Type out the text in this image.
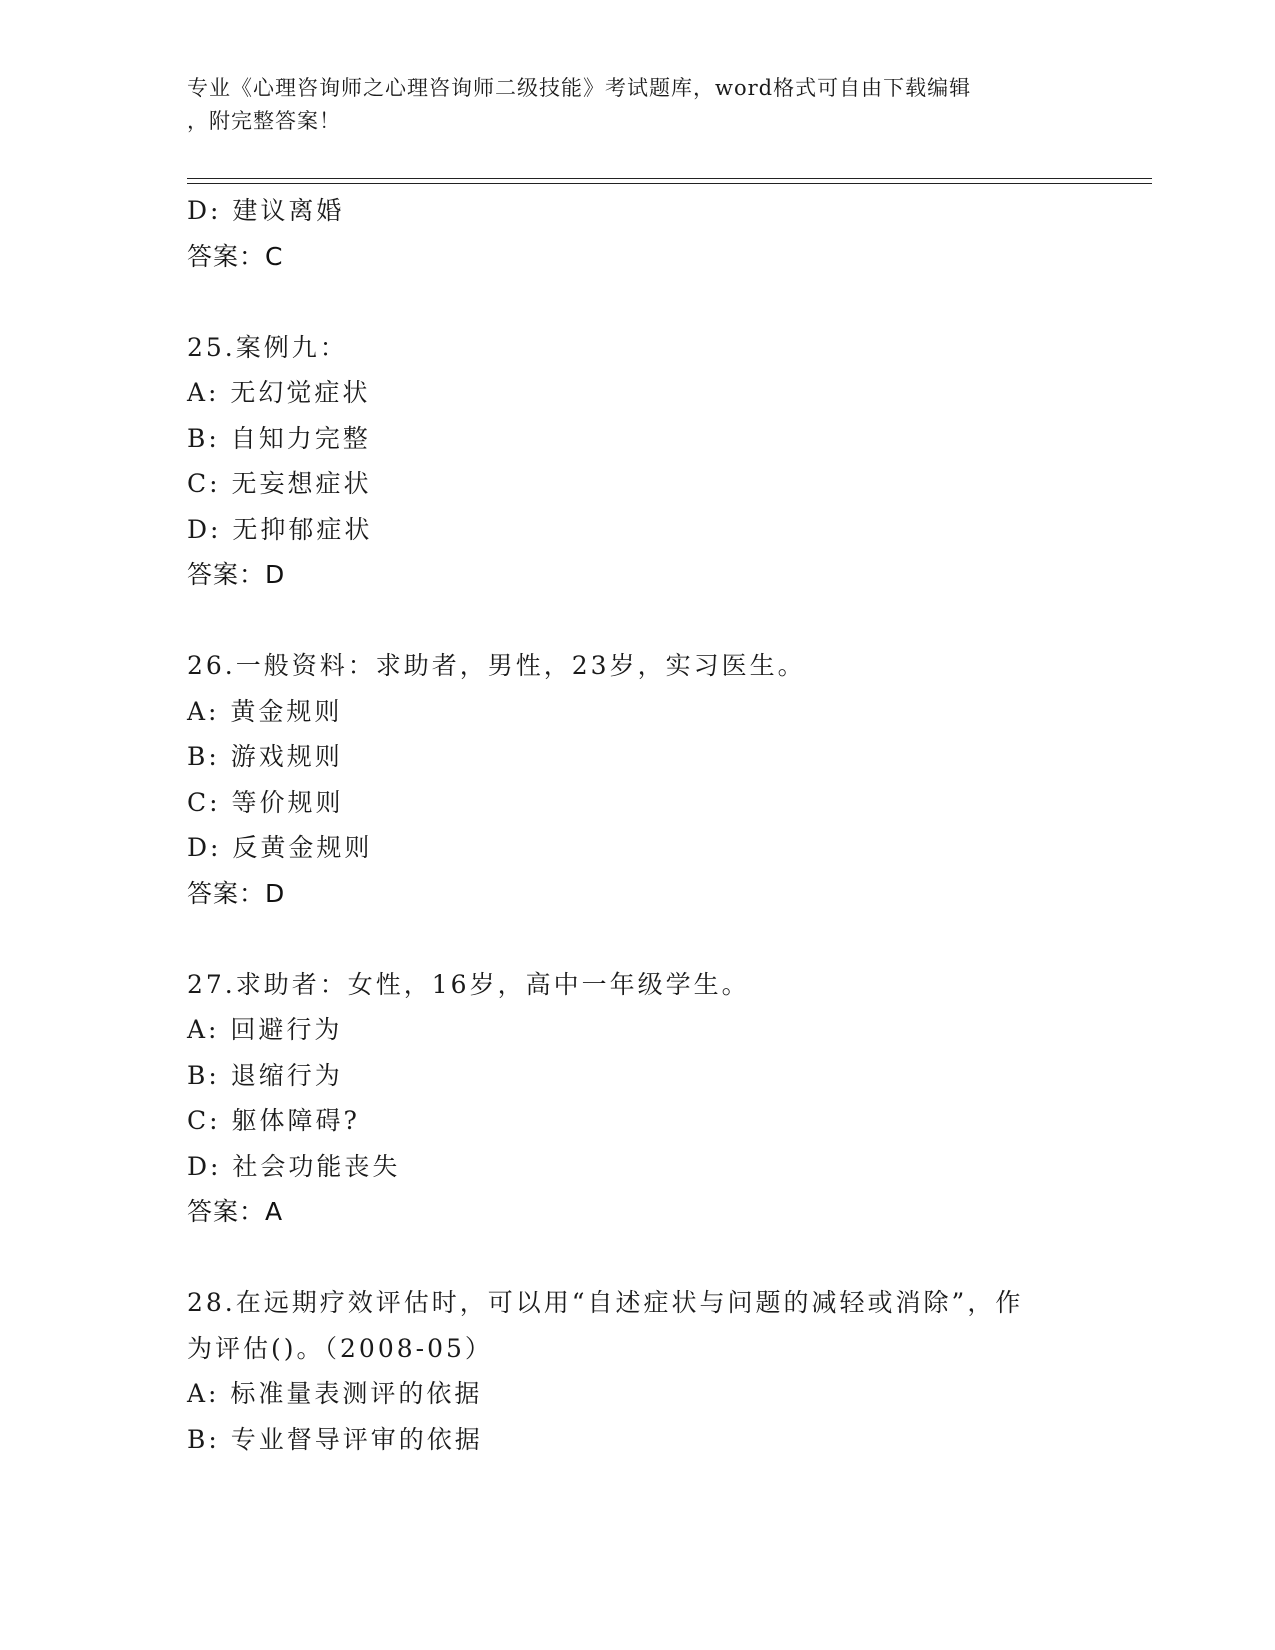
专业《心理咨询师之心理咨询师二级技能》考试题库，word格式可自由下载编辑
，附完整答案！
D: 建议离婚
答案：C
25.案例九：
A: 无幻觉症状
B: 自知力完整
C: 无妄想症状
D: 无抑郁症状
答案：D
26.一般资料：求助者，男性，23岁，实习医生。
A: 黄金规则
B: 游戏规则
C: 等价规则
D: 反黄金规则
答案：D
27.求助者：女性，16岁，高中一年级学生。
A: 回避行为
B: 退缩行为
C: 躯体障碍?
D: 社会功能丧失
答案：A
28.在远期疗效评估时，可以用“自述症状与问题的减轻或消除”，作
为评估()。（2008-05）
A: 标准量表测评的依据
B: 专业督导评审的依据
